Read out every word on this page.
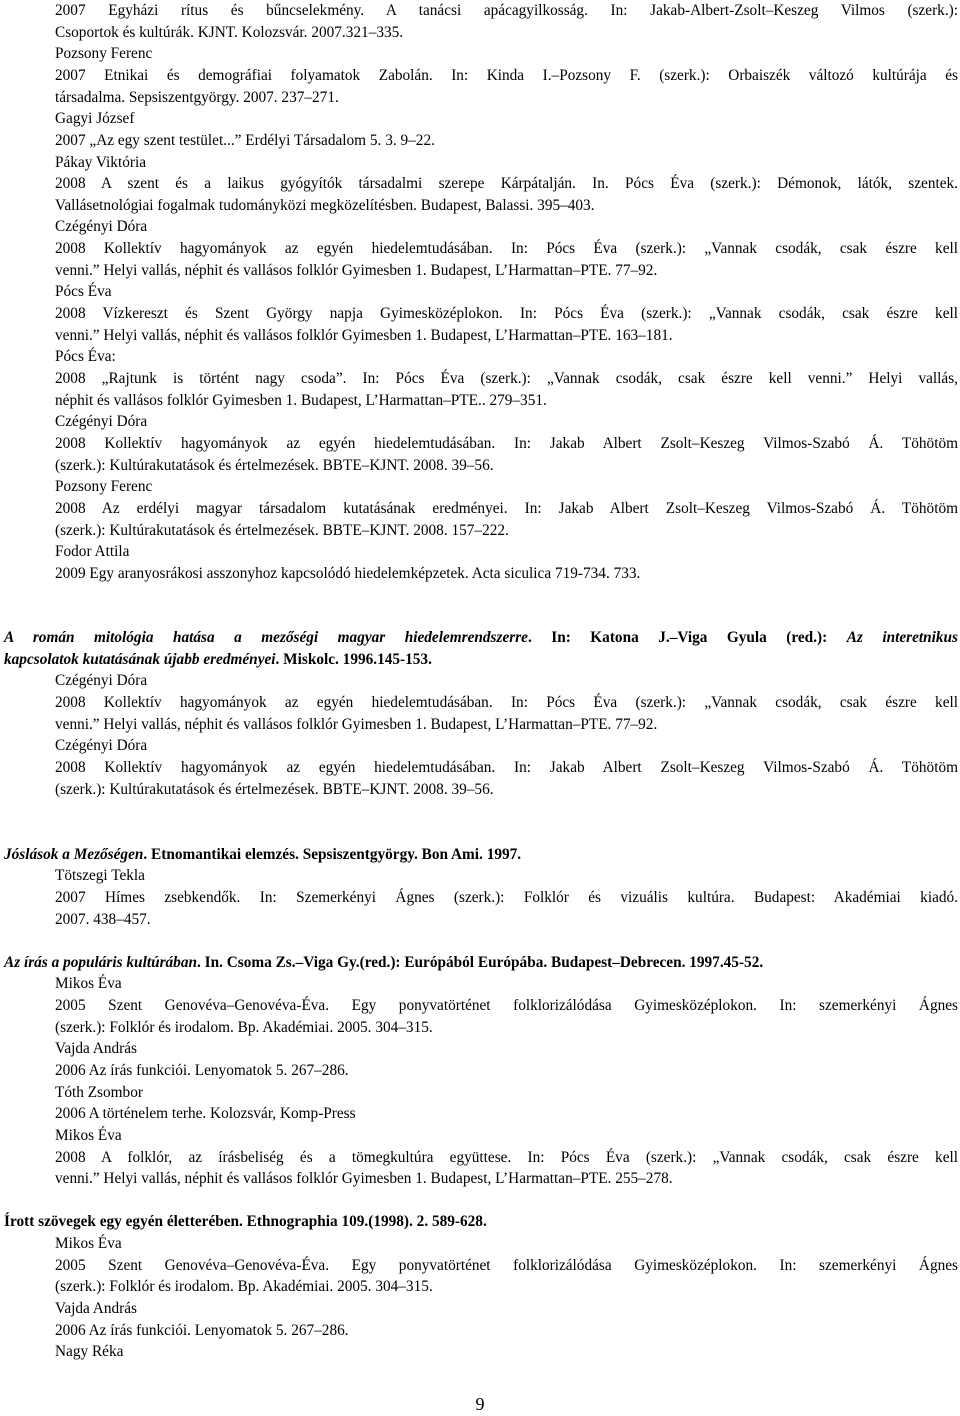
2007 Egyházi rítus és bűncselekmény. A tanácsi apácagyilkosság. In: Jakab-Albert-Zsolt–Keszeg Vilmos (szerk.):
Csoportok és kultúrák. KJNT. Kolozsvár. 2007.321–335.
Pozsony Ferenc
2007 Etnikai és demográfiai folyamatok Zabolán. In: Kinda I.–Pozsony F. (szerk.): Orbaiszék változó kultúrája és
társadalma. Sepsiszentgyörgy. 2007. 237–271.
Gagyi József
2007 „Az egy szent testület...” Erdélyi Társadalom 5. 3. 9–22.
Pákay Viktória
2008 A szent és a laikus gyógyítók társadalmi szerepe Kárpátalján. In. Pócs Éva (szerk.): Démonok, látók, szentek.
Vallásetnológiai fogalmak tudományközi megközelítésben. Budapest, Balassi. 395–403.
Czégényi Dóra
2008 Kollektív hagyományok az egyén hiedelemtudásában. In: Pócs Éva (szerk.): „Vannak csodák, csak észre kell
venni.” Helyi vallás, néphit és vallásos folklór Gyimesben 1. Budapest, L’Harmattan–PTE. 77–92.
Pócs Éva
2008 Vízkereszt és Szent György napja Gyimesközéplokon. In: Pócs Éva (szerk.): „Vannak csodák, csak észre kell
venni.” Helyi vallás, néphit és vallásos folklór Gyimesben 1. Budapest, L’Harmattan–PTE. 163–181.
Pócs Éva:
2008 „Rajtunk is történt nagy csoda”. In: Pócs Éva (szerk.): „Vannak csodák, csak észre kell venni.” Helyi vallás,
néphit és vallásos folklór Gyimesben 1. Budapest, L’Harmattan–PTE.. 279–351.
Czégényi Dóra
2008 Kollektív hagyományok az egyén hiedelemtudásában. In: Jakab Albert Zsolt–Keszeg Vilmos-Szabó Á. Töhötöm
(szerk.): Kultúrakutatások és értelmezések. BBTE–KJNT. 2008. 39–56.
Pozsony Ferenc
2008 Az erdélyi magyar társadalom kutatásának eredményei. In: Jakab Albert Zsolt–Keszeg Vilmos-Szabó Á. Töhötöm
(szerk.): Kultúrakutatások és értelmezések. BBTE–KJNT. 2008. 157–222.
Fodor Attila
2009 Egy aranyosrákosi asszonyhoz kapcsolódó hiedelemképzetek. Acta siculica 719-734. 733.
A román mitológia hatása a mezőségi magyar hiedelemrendszerre. In: Katona J.–Viga Gyula (red.): Az interetnikus
kapcsolatok kutatásának újabb eredményei. Miskolc. 1996.145-153.
Czégényi Dóra
2008 Kollektív hagyományok az egyén hiedelemtudásában. In: Pócs Éva (szerk.): „Vannak csodák, csak észre kell
venni.” Helyi vallás, néphit és vallásos folklór Gyimesben 1. Budapest, L’Harmattan–PTE. 77–92.
Czégényi Dóra
2008 Kollektív hagyományok az egyén hiedelemtudásában. In: Jakab Albert Zsolt–Keszeg Vilmos-Szabó Á. Töhötöm
(szerk.): Kultúrakutatások és értelmezések. BBTE–KJNT. 2008. 39–56.
Jóslások a Mezőségen. Etnomantikai elemzés. Sepsiszentgyörgy. Bon Ami. 1997.
Tötszegi Tekla
2007 Hímes zsebkendők. In: Szemerkényi Ágnes (szerk.): Folklór és vizuális kultúra. Budapest: Akadémiai kiadó.
2007. 438–457.
Az írás a populáris kultúrában. In. Csoma Zs.–Viga Gy.(red.): Európából Európába. Budapest–Debrecen. 1997.45-52.
Mikos Éva
2005 Szent Genovéva–Genovéva-Éva. Egy ponyvatörténet folklorizálódása Gyimesközéplokon. In: szemerkényi Ágnes
(szerk.): Folklór és irodalom. Bp. Akadémiai. 2005. 304–315.
Vajda András
2006 Az írás funkciói. Lenyomatok 5. 267–286.
Tóth Zsombor
2006 A történelem terhe. Kolozsvár, Komp-Press
Mikos Éva
2008 A folklór, az írásbeliség és a tömegkultúra együttese. In: Pócs Éva (szerk.): „Vannak csodák, csak észre kell
venni.” Helyi vallás, néphit és vallásos folklór Gyimesben 1. Budapest, L’Harmattan–PTE. 255–278.
Írott szövegek egy egyén életterében. Ethnographia 109.(1998). 2. 589-628.
Mikos Éva
2005 Szent Genovéva–Genovéva-Éva. Egy ponyvatörténet folklorizálódása Gyimesközéplokon. In: szemerkényi Ágnes
(szerk.): Folklór és irodalom. Bp. Akadémiai. 2005. 304–315.
Vajda András
2006 Az írás funkciói. Lenyomatok 5. 267–286.
Nagy Réka
9
